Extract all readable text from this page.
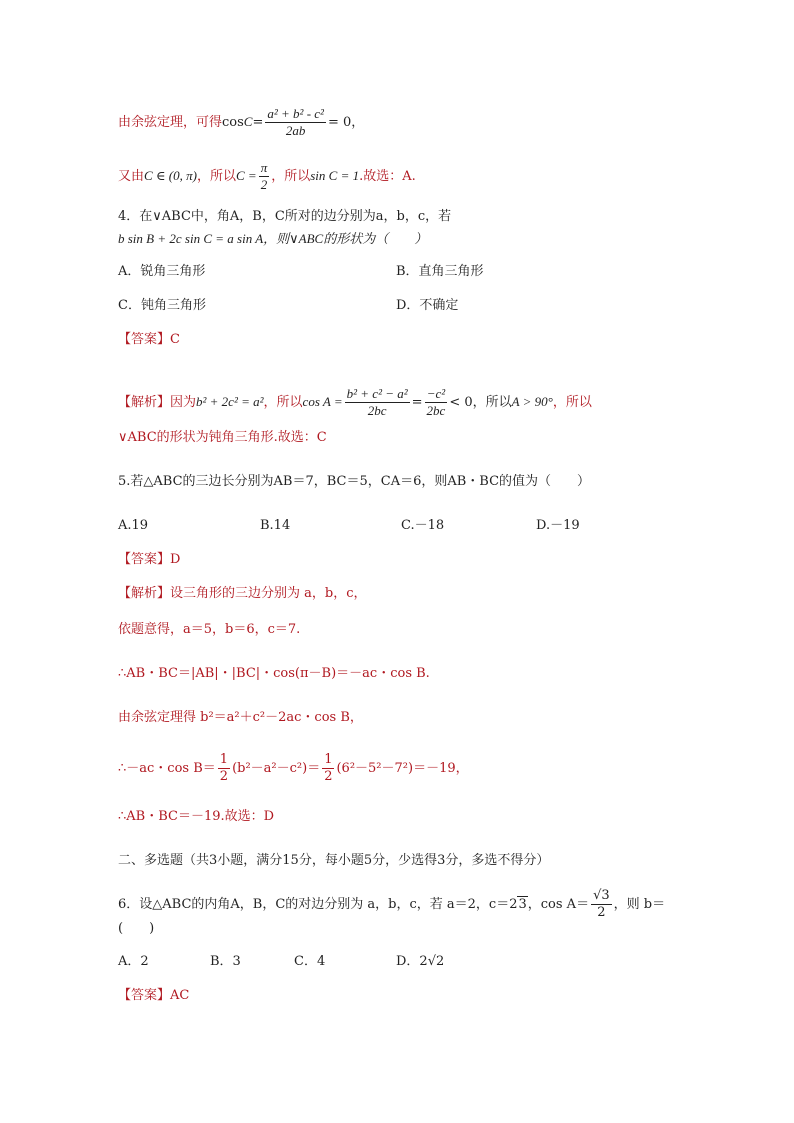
由余弦定理，可得$\cos C= \frac{\text{a² + b² - c²}}{2ab} = 0$，
又由C ∈ (0, π)，所以$C = \frac{\pi}{2}$ ，所以sin C = 1.故选：A.
4．在∨ABC中，角A，B，C所对的边分别为a，b，c，若
b sin B + 2c sin C = a sin A，则∨ABC的形状为（　　）
A．锐角三角形	B．直角三角形
C．钝角三角形	D．不确定
【答案】C
【解析】因为b² + 2c² = a²，所以$\cos A = \frac{\text{b² + c² − a²}}{2bc} = \frac{\text{−c²}}{2bc} < 0$，所以A > 90°，所以
∨ABC的形状为钝角三角形.故选：C
5.若△ABC的三边长分别为AB＝7，BC＝5，CA＝6，则AB・BC的值为（　　）
A.19	B.14	C.－18	D.－19
【答案】D
【解析】设三角形的三边分别为 a，b，c，
依题意得，a＝5，b＝6，c＝7.
∴AB・BC＝|AB|・|BC|・cos(π－B)＝－ac・cos B.
由余弦定理得 b²＝a²＋c²－2ac・cos B，
∴－ac・$\cos B= \frac{1}{2} (b^2-a^2-c^2)= \frac{1}{2} (6^2-5^2-7^2)=-19$，
∴AB・BC＝－19.故选：D
二、多选题（共3小题，满分15分，每小题5分，少选得3分，多选不得分）
6．设△ABC的内角A，B，C的对边分别为 a，b，c，若 a＝2，c＝23，$\cos A= \frac{√3}{2}$ ，则 b＝
(　　)
A．2	B．3	C．4	D．2√2
【答案】AC
